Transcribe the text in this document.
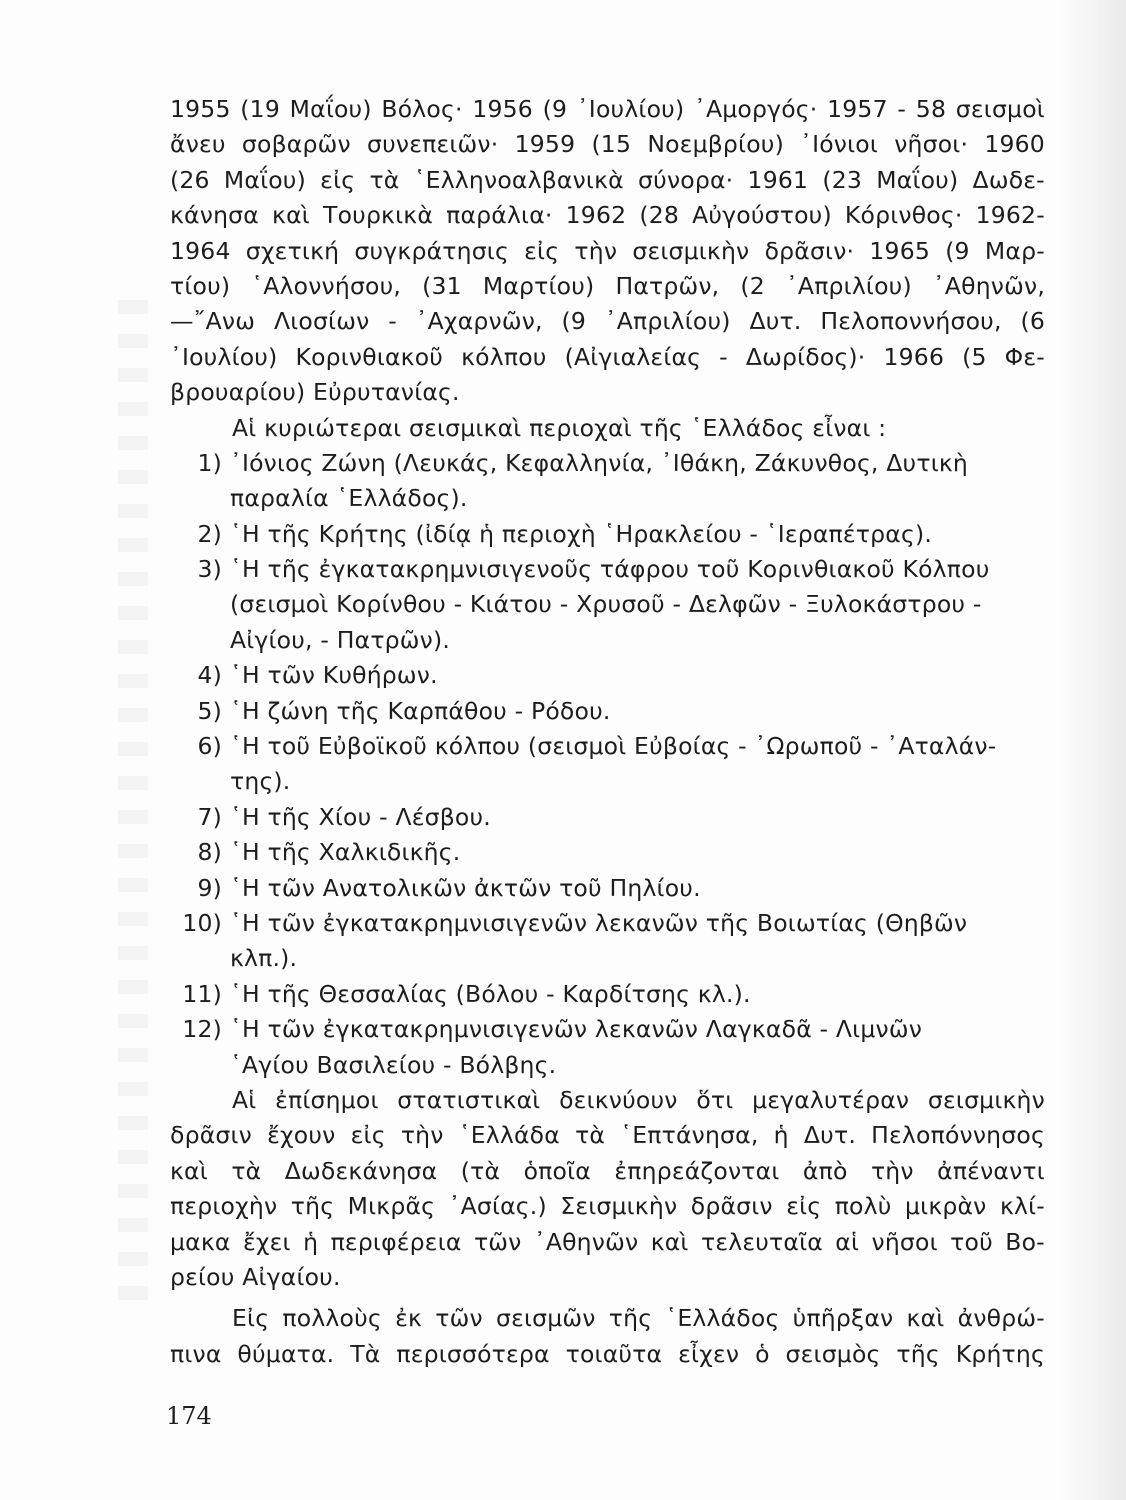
1955 (19 Μαΐου) Βόλος· 1956 (9 ᾿Ιουλίου) ᾿Αμοργός· 1957 - 58 σεισμοὶ
ἄνευ σοβαρῶν συνεπειῶν· 1959 (15 Νοεμβρίου) ᾿Ιόνιοι νῆσοι· 1960
(26 Μαΐου) εἰς τὰ ῾Ελληνοαλβανικὰ σύνορα· 1961 (23 Μαΐου) Δωδε-
κάνησα καὶ Τουρκικὰ παράλια· 1962 (28 Αὐγούστου) Κόρινθος· 1962-
1964 σχετική συγκράτησις εἰς τὴν σεισμικὴν δρᾶσιν· 1965 (9 Μαρ-
τίου) ῾Αλοννήσου, (31 Μαρτίου) Πατρῶν, (2 ᾿Απριλίου) ᾿Αθηνῶν,
—῎Ανω Λιοσίων - ᾿Αχαρνῶν, (9 ᾿Απριλίου) Δυτ. Πελοποννήσου, (6
᾿Ιουλίου) Κορινθιακοῦ κόλπου (Αἰγιαλείας - Δωρίδος)· 1966 (5 Φε-
βρουαρίου) Εὐρυτανίας.
Αἱ κυριώτεραι σεισμικαὶ περιοχαὶ τῆς ῾Ελλάδος εἶναι :
1) ᾿Ιόνιος Ζώνη (Λευκάς, Κεφαλληνία, ᾿Ιθάκη, Ζάκυνθος, Δυτικὴ
παραλία ῾Ελλάδος).
2) ῾Η τῆς Κρήτης (ἰδίᾳ ἡ περιοχὴ ῾Ηρακλείου - ῾Ιεραπέτρας).
3) ῾Η τῆς ἐγκατακρημνισιγενοῦς τάφρου τοῦ Κορινθιακοῦ Κόλπου
(σεισμοὶ Κορίνθου - Κιάτου - Χρυσοῦ - Δελφῶν - Ξυλοκάστρου -
Αἰγίου, - Πατρῶν).
4) ῾Η τῶν Κυθήρων.
5) ῾Η ζώνη τῆς Καρπάθου - Ρόδου.
6) ῾Η τοῦ Εὐβοϊκοῦ κόλπου (σεισμοὶ Εὐβοίας - ᾿Ωρωποῦ - ᾿Αταλάν-
της).
7) ῾Η τῆς Χίου - Λέσβου.
8) ῾Η τῆς Χαλκιδικῆς.
9) ῾Η τῶν Ανατολικῶν ἀκτῶν τοῦ Πηλίου.
10) ῾Η τῶν ἐγκατακρημνισιγενῶν λεκανῶν τῆς Βοιωτίας (Θηβῶν
κλπ.).
11) ῾Η τῆς Θεσσαλίας (Βόλου - Καρδίτσης κλ.).
12) ῾Η τῶν ἐγκατακρημνισιγενῶν λεκανῶν Λαγκαδᾶ - Λιμνῶν
῾Αγίου Βασιλείου - Βόλβης.
Αἱ ἐπίσημοι στατιστικαὶ δεικνύουν ὅτι μεγαλυτέραν σεισμικὴν
δρᾶσιν ἔχουν εἰς τὴν ῾Ελλάδα τὰ ῾Επτάνησα, ἡ Δυτ. Πελοπόννησος
καὶ τὰ Δωδεκάνησα (τὰ ὁποῖα ἐπηρεάζονται ἀπὸ τὴν ἀπέναντι
περιοχὴν τῆς Μικρᾶς ᾿Ασίας.) Σεισμικὴν δρᾶσιν εἰς πολὺ μικρὰν κλί-
μακα ἔχει ἡ περιφέρεια τῶν ᾿Αθηνῶν καὶ τελευταῖα αἱ νῆσοι τοῦ Βο-
ρείου Αἰγαίου.
Εἰς πολλοὺς ἐκ τῶν σεισμῶν τῆς ῾Ελλάδος ὑπῆρξαν καὶ ἀνθρώ-
πινα θύματα. Τὰ περισσότερα τοιαῦτα εἶχεν ὁ σεισμὸς τῆς Κρήτης
174
